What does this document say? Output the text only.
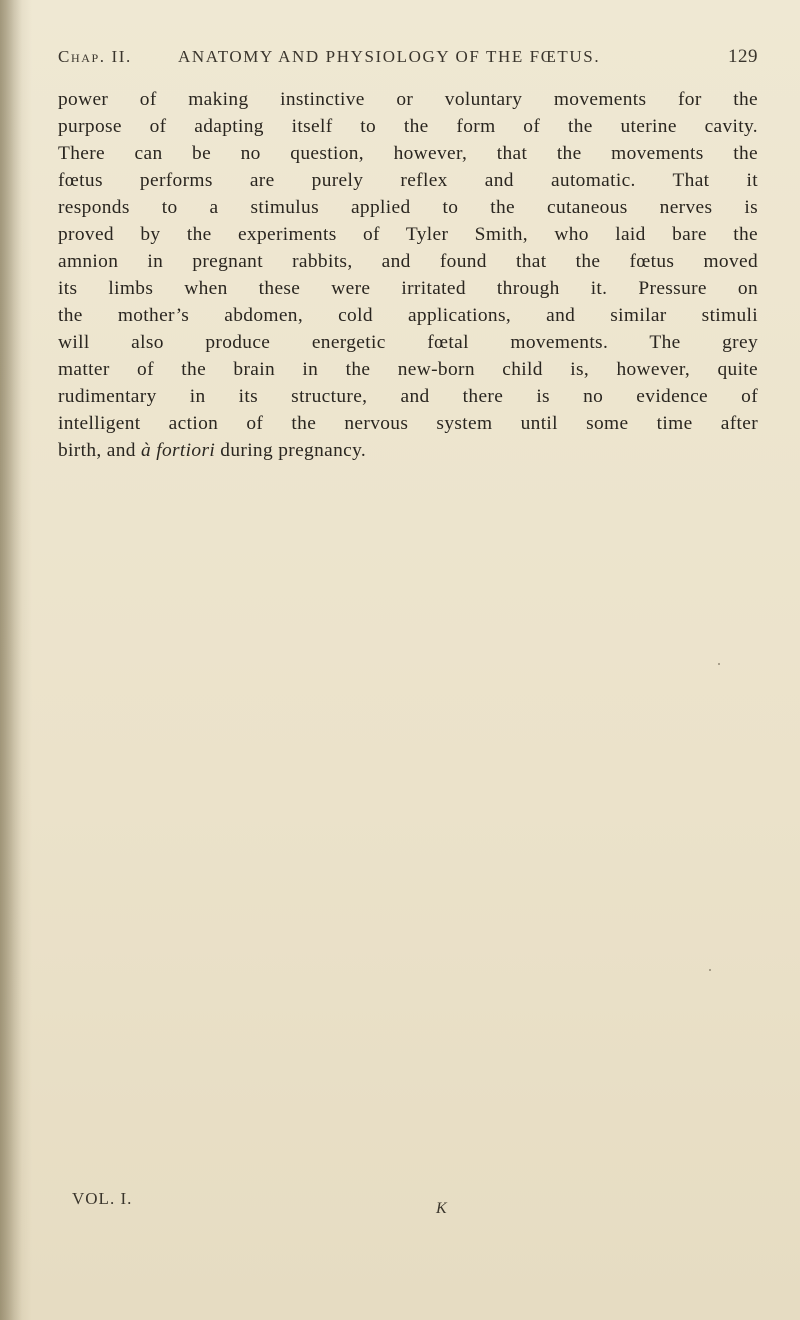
Chap. II.	ANATOMY AND PHYSIOLOGY OF THE FŒTUS.	129
power of making instinctive or voluntary movements for the
purpose of adapting itself to the form of the uterine cavity.
There can be no question, however, that the movements the
fœtus performs are purely reflex and automatic. That it
responds to a stimulus applied to the cutaneous nerves is
proved by the experiments of Tyler Smith, who laid bare the
amnion in pregnant rabbits, and found that the fœtus moved
its limbs when these were irritated through it. Pressure on
the mother’s abdomen, cold applications, and similar stimuli
will also produce energetic fœtal movements. The grey
matter of the brain in the new-born child is, however, quite
rudimentary in its structure, and there is no evidence of
intelligent action of the nervous system until some time after
birth, and à fortiori during pregnancy.
VOL. I.
K
